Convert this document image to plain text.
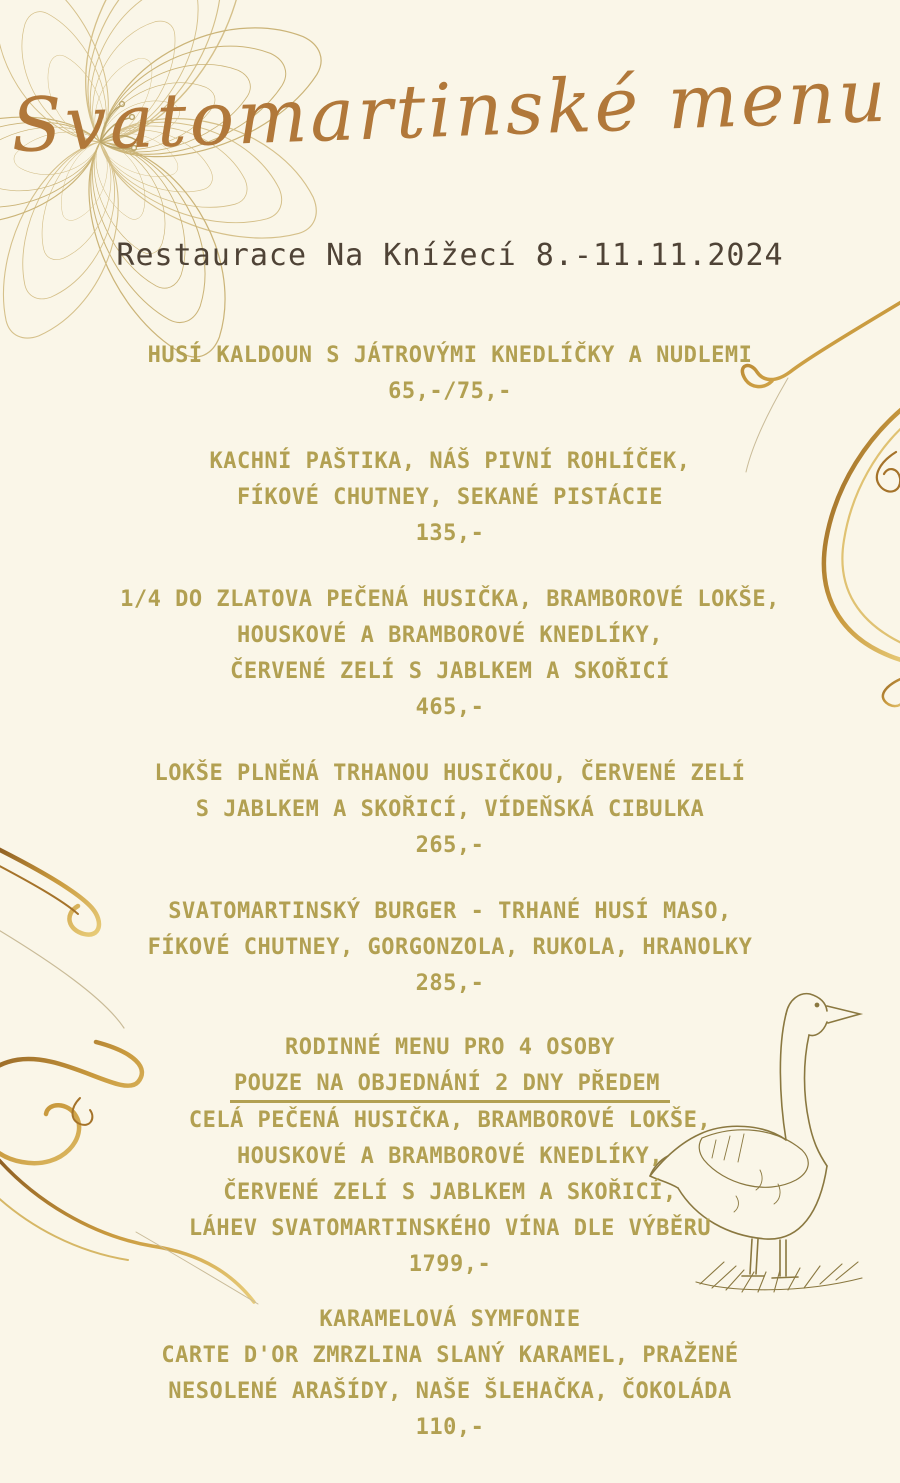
Svatomartinské menu
Restaurace Na Knížecí 8.-11.11.2024
HUSÍ KALDOUN S JÁTROVÝMI KNEDLÍČKY A NUDLEMI
65,-/75,-
KACHNÍ PAŠTIKA, NÁŠ PIVNÍ ROHLÍČEK,
FÍKOVÉ CHUTNEY, SEKANÉ PISTÁCIE
135,-
1/4 DO ZLATOVA PEČENÁ HUSIČKA, BRAMBOROVÉ LOKŠE,
HOUSKOVÉ A BRAMBOROVÉ KNEDLÍKY,
ČERVENÉ ZELÍ S JABLKEM A SKOŘICÍ
465,-
LOKŠE PLNĚNÁ TRHANOU HUSIČKOU, ČERVENÉ ZELÍ
S JABLKEM A SKOŘICÍ, VÍDEŇSKÁ CIBULKA
265,-
SVATOMARTINSKÝ BURGER - TRHANÉ HUSÍ MASO,
FÍKOVÉ CHUTNEY, GORGONZOLA, RUKOLA, HRANOLKY
285,-
RODINNÉ MENU PRO 4 OSOBY
POUZE NA OBJEDNÁNÍ 2 DNY PŘEDEM
CELÁ PEČENÁ HUSIČKA, BRAMBOROVÉ LOKŠE,
HOUSKOVÉ A BRAMBOROVÉ KNEDLÍKY,
ČERVENÉ ZELÍ S JABLKEM A SKOŘICÍ,
LÁHEV SVATOMARTINSKÉHO VÍNA DLE VÝBĚRU
1799,-
KARAMELOVÁ SYMFONIE
CARTE D'OR ZMRZLINA SLANÝ KARAMEL, PRAŽENÉ
NESOLENÉ ARAŠÍDY, NAŠE ŠLEHAČKA, ČOKOLÁDA
110,-
